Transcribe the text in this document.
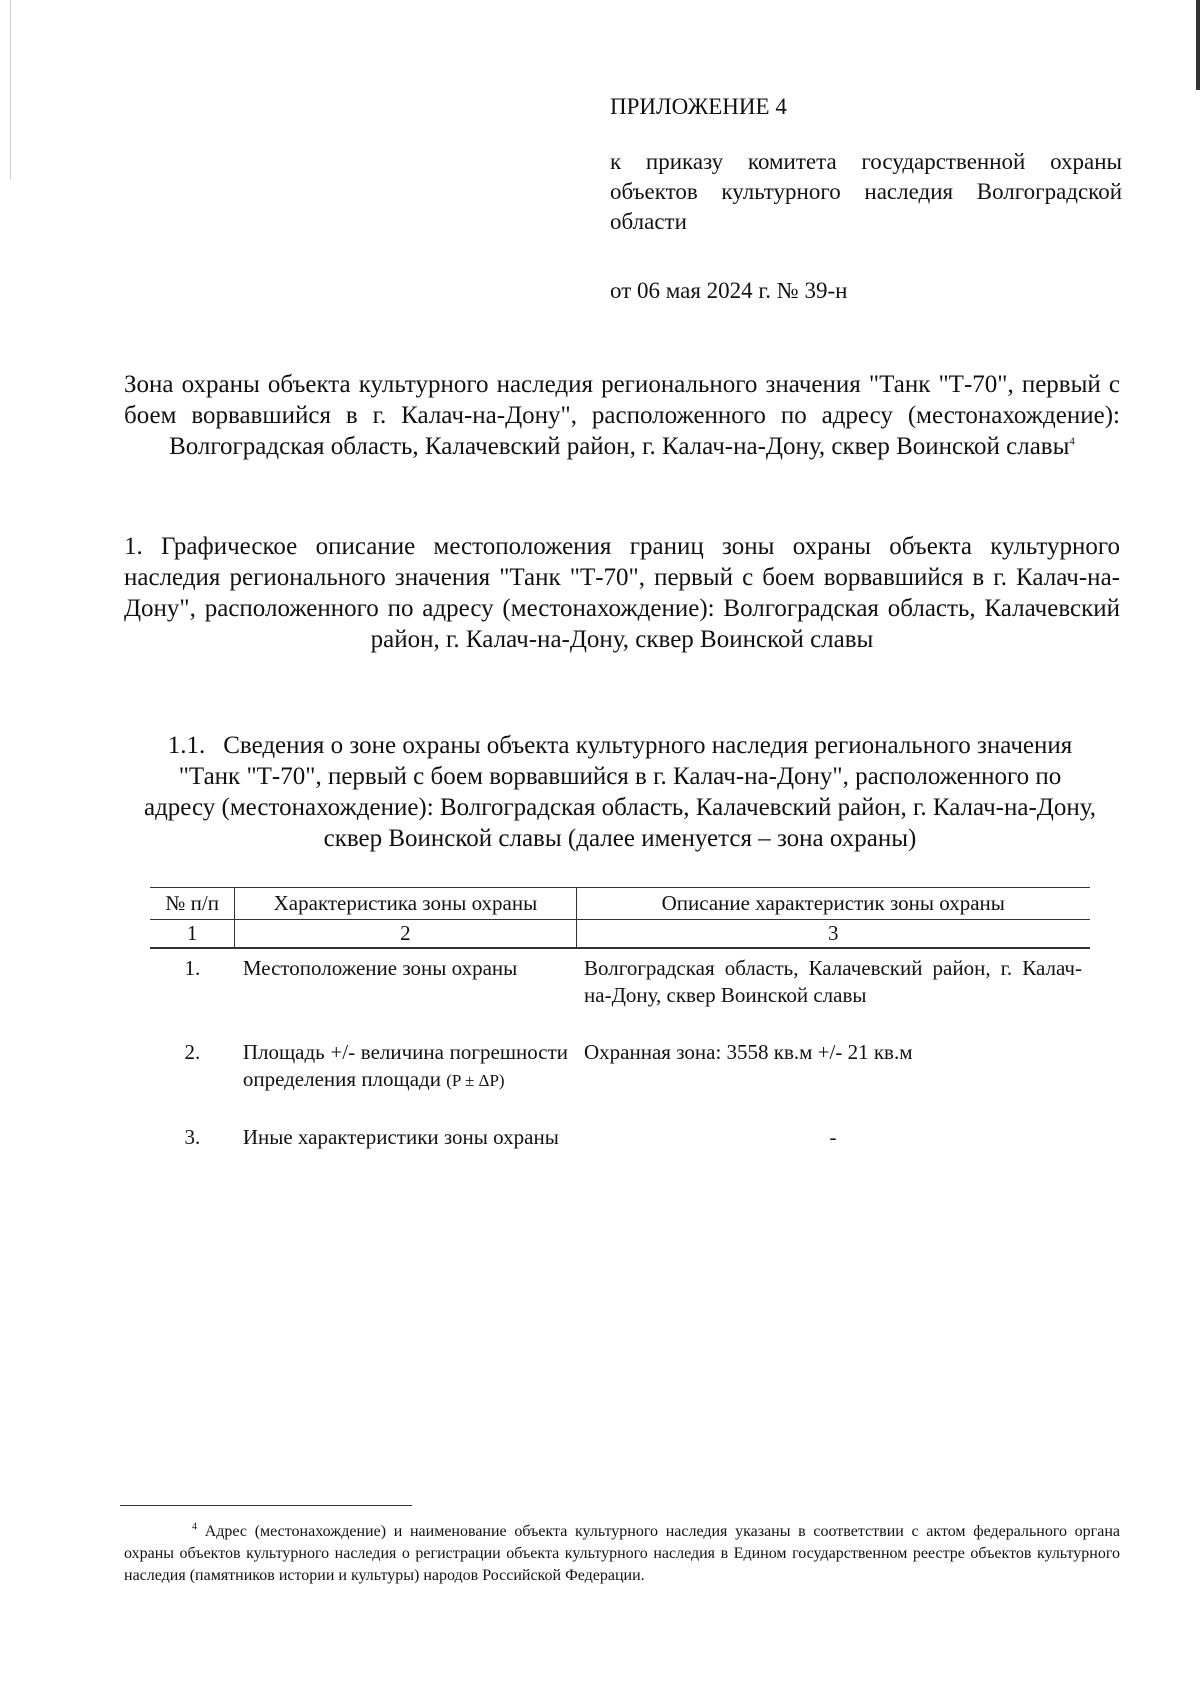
ПРИЛОЖЕНИЕ 4
к приказу комитета государственной охраны объектов культурного наследия Волгоградской области
от 06 мая 2024 г. № 39-н
Зона охраны объекта культурного наследия регионального значения "Танк "Т-70", первый с боем ворвавшийся в г. Калач-на-Дону", расположенного по адресу (местонахождение): Волгоградская область, Калачевский район, г. Калач-на-Дону, сквер Воинской славы$^4$
1. Графическое описание местоположения границ зоны охраны объекта культурного наследия регионального значения "Танк "Т-70", первый с боем ворвавшийся в г. Калач-на-Дону", расположенного по адресу (местонахождение): Волгоградская область, Калачевский район, г. Калач-на-Дону, сквер Воинской славы
1.1. Сведения о зоне охраны объекта культурного наследия регионального значения "Танк "Т-70", первый с боем ворвавшийся в г. Калач-на-Дону", расположенного по адресу (местонахождение): Волгоградская область, Калачевский район, г. Калач-на-Дону, сквер Воинской славы (далее именуется – зона охраны)
№ п/п	Характеристика зоны охраны	Описание характеристик зоны охраны
1	2	3
1.	Местоположение зоны охраны	Волгоградская область, Калачевский район, г. Калач-на-Дону, сквер Воинской славы
2.	Площадь +/- величина погрешности определения площади (P ± ΔP)	Охранная зона: 3558 кв.м +/- 21 кв.м
3.	Иные характеристики зоны охраны	-
$^4$ Адрес (местонахождение) и наименование объекта культурного наследия указаны в соответствии с актом федерального органа охраны объектов культурного наследия о регистрации объекта культурного наследия в Едином государственном реестре объектов культурного наследия (памятников истории и культуры) народов Российской Федерации.
